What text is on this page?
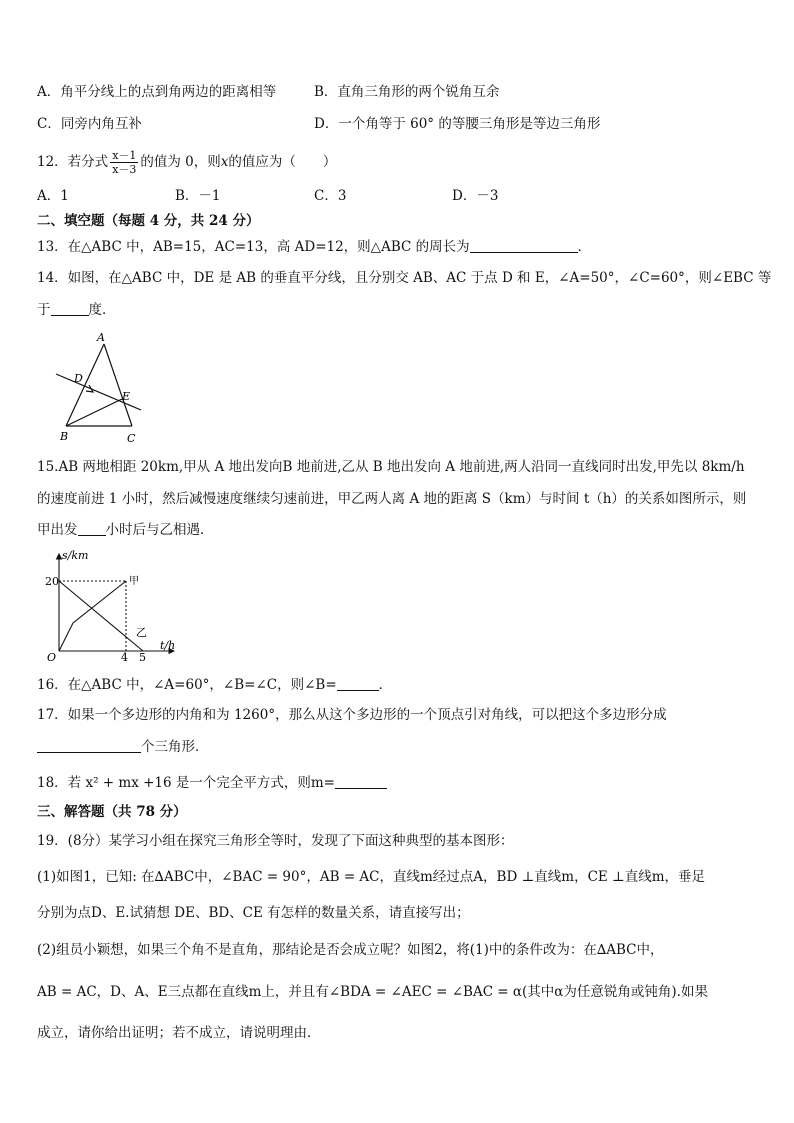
A．角平分线上的点到角两边的距离相等	B．直角三角形的两个锐角互余
C．同旁内角互补	D．一个角等于 60° 的等腰三角形是等边三角形
12．若分式 $\frac{x-1}{x-3}$ 的值为 0，则x的值应为（　　）
A．1	B．－1	C．3	D．－3
二、填空题（每题 4 分，共 24 分）
13．在△ABC 中，AB=15，AC=13，高 AD=12，则△ABC 的周长为	．
14．如图，在△ABC 中，DE 是 AB 的垂直平分线，且分别交 AB、AC 于点 D 和 E，∠A=50°，∠C=60°，则∠EBC 等
于	度．
A
D
E
B	C
15.AB 两地相距 20km,甲从 A 地出发向B 地前进,乙从 B 地出发向 A 地前进,两人沿同一直线同时出发,甲先以 8km/h
的速度前进 1 小时，然后减慢速度继续匀速前进，甲乙两人离 A 地的距离 S（km）与时间 t（h）的关系如图所示，则
甲出发 小时后与乙相遇．
s/km
t/h
20
O	4 5
甲
乙
16．在△ABC 中，∠A=60°，∠B=∠C，则∠B=	．
17．如果一个多边形的内角和为 1260°，那么从这个多边形的一个顶点引对角线，可以把这个多边形分成
个三角形．
18．若 x² + mx +16 是一个完全平方式，则m=
三、解答题（共 78 分）
19．(8分）某学习小组在探究三角形全等时，发现了下面这种典型的基本图形：
(1)如图1，已知: 在∆ABC中，∠BAC = 90°，AB = AC，直线m经过点A，BD ⊥直线m，CE ⊥直线m，垂足
分别为点D、E.试猜想 DE、BD、CE 有怎样的数量关系，请直接写出；
(2)组员小颖想，如果三个角不是直角，那结论是否会成立呢？如图2，将(1)中的条件改为：在∆ABC中，
AB = AC，D、A、E三点都在直线m上，并且有∠BDA = ∠AEC = ∠BAC = α(其中α为任意锐角或钝角).如果
成立，请你给出证明；若不成立，请说明理由．
